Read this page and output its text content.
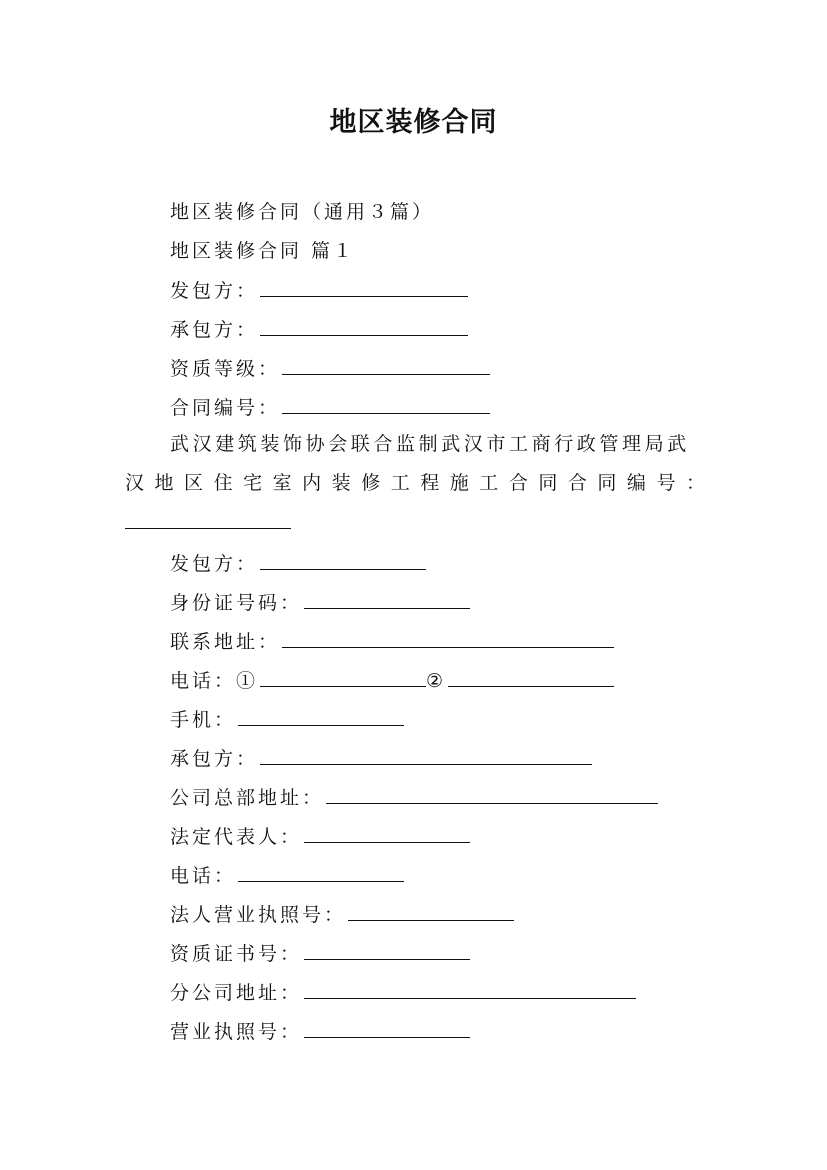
地区装修合同
地区装修合同（通用３篇）
地区装修合同 篇１
发包方：
承包方：
资质等级：
合同编号：
武汉建筑装饰协会联合监制武汉市工商行政管理局武
汉 地 区 住 宅 室 内 装 修 工 程 施 工 合 同 合 同 编 号 ：
发包方：
身份证号码：
联系地址：
电话：①	②
手机：
承包方：
公司总部地址：
法定代表人：
电话：
法人营业执照号：
资质证书号：
分公司地址：
营业执照号：
